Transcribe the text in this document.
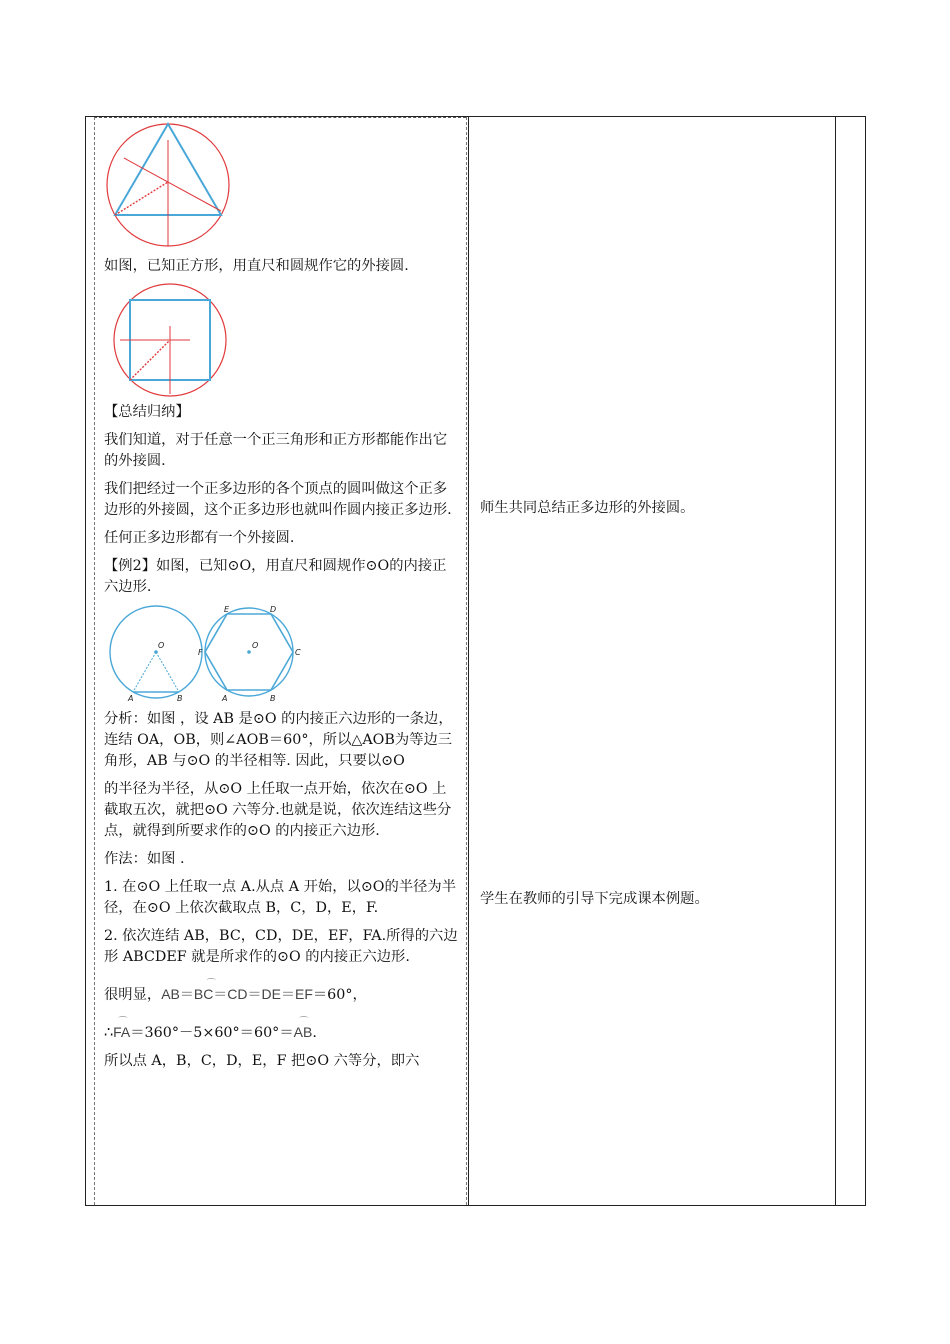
如图，已知正方形，用直尺和圆规作它的外接圆.

【总结归纳】

我们知道，对于任意一个正三角形和正方形都能作出它的外接圆.

我们把经过一个正多边形的各个顶点的圆叫做这个正多边形的外接圆，这个正多边形也就叫作圆内接正多边形.

任何正多边形都有一个外接圆.

【例2】如图，已知⊙O，用直尺和圆规作⊙O的内接正六边形.

O
A	B
O
A	B
C
D
E
F

分析：如图 ，设 AB 是⊙O 的内接正六边形的一条边，连结 OA，OB，则∠AOB＝60°，所以△AOB为等边三角形，AB 与⊙O 的半径相等. 因此，只要以⊙O

的半径为半径，从⊙O 上任取一点开始，依次在⊙O 上截取五次，就把⊙O 六等分.也就是说，依次连结这些分点，就得到所要求作的⊙O 的内接正六边形.

作法：如图 .

1. 在⊙O 上任取一点 A.从点 A 开始，以⊙O的半径为半径，在⊙O 上依次截取点 B，C，D，E，F.

2. 依次连结 AB，BC，CD，DE，EF，FA.所得的六边形 ABCDEF 就是所求作的⊙O 的内接正六边形.

很明显，⌒ AB＝BC＝CD＝DE＝EF＝60°，

∴⌒ FA＝360°－5×60°＝60°＝⌒ AB.

所以点 A，B，C，D，E，F 把⊙O 六等分，即六

师生共同总结正多边形的外接圆。
学生在教师的引导下完成课本例题。
